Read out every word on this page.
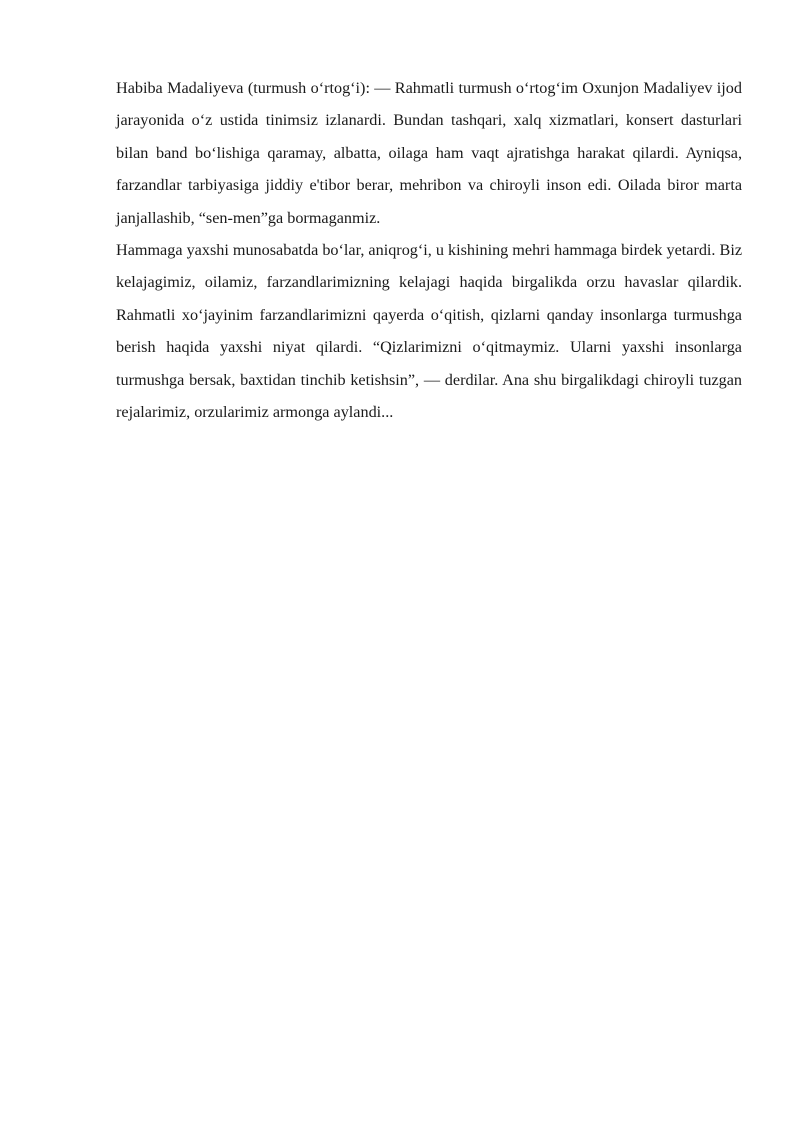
Habiba Madaliyeva (turmush oʻrtogʻi): — Rahmatli turmush oʻrtogʻim Oxunjon Madaliyev ijod jarayonida oʻz ustida tinimsiz izlanardi. Bundan tashqari, xalq xizmatlari, konsert dasturlari bilan band boʻlishiga qaramay, albatta, oilaga ham vaqt ajratishga harakat qilardi. Ayniqsa, farzandlar tarbiyasiga jiddiy e'tibor berar, mehribon va chiroyli inson edi. Oilada biror marta janjallashib, “sen-men”ga bormaganmiz.

Hammaga yaxshi munosabatda boʻlar, aniqrogʻi, u kishining mehri hammaga birdek yetardi. Biz kelajagimiz, oilamiz, farzandlarimizning kelajagi haqida birgalikda orzu havaslar qilardik. Rahmatli xoʻjayinim farzandlarimizni qayerda oʻqitish, qizlarni qanday insonlarga turmushga berish haqida yaxshi niyat qilardi. “Qizlarimizni oʻqitmaymiz. Ularni yaxshi insonlarga turmushga bersak, baxtidan tinchib ketishsin”, — derdilar. Ana shu birgalikdagi chiroyli tuzgan rejalarimiz, orzularimiz armonga aylandi...
